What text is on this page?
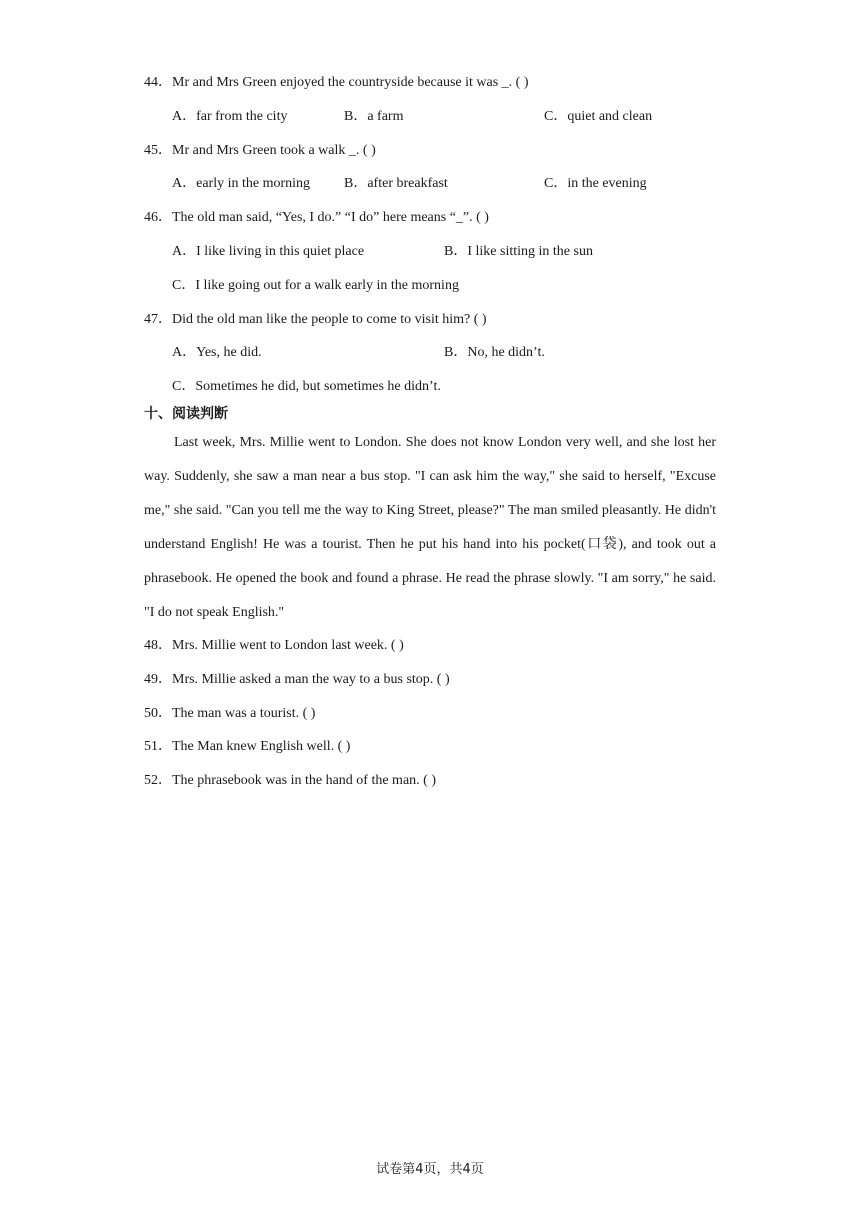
44．Mr and Mrs Green enjoyed the countryside because it was _. ( )
A．far from the city	B．a farm	C．quiet and clean
45．Mr and Mrs Green took a walk _. ( )
A．early in the morning B．after breakfast	C．in the evening
46．The old man said, “Yes, I do.” “I do” here means “_”. ( )
A．I like living in this quiet place	B．I like sitting in the sun
C．I like going out for a walk early in the morning
47．Did the old man like the people to come to visit him? ( )
A．Yes, he did.	B．No, he didn’t.
C．Sometimes he did, but sometimes he didn’t.
十、阅读判断
Last week, Mrs. Millie went to London. She does not know London very well, and she lost her way. Suddenly, she saw a man near a bus stop. "I can ask him the way," she said to herself, "Excuse me," she said. "Can you tell me the way to King Street, please?" The man smiled pleasantly. He didn't understand English! He was a tourist. Then he put his hand into his pocket(口袋), and took out a phrasebook. He opened the book and found a phrase. He read the phrase slowly. "I am sorry," he said. "I do not speak English."
48．Mrs. Millie went to London last week. ( )
49．Mrs. Millie asked a man the way to a bus stop. ( )
50．The man was a tourist. ( )
51．The Man knew English well. ( )
52．The phrasebook was in the hand of the man. ( )
试卷第4页，共4页
